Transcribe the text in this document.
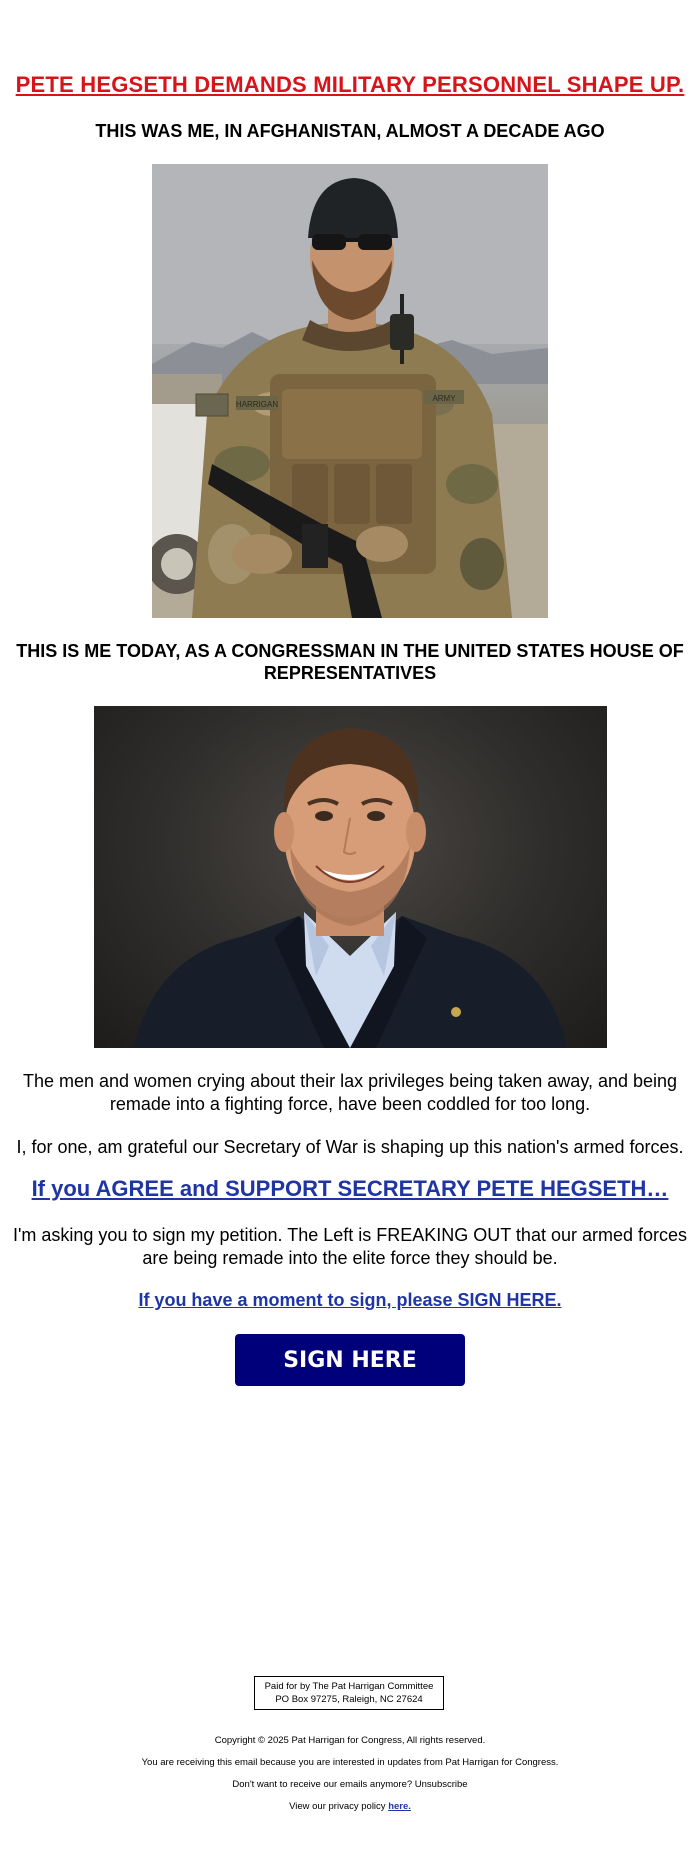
PETE HEGSETH DEMANDS MILITARY PERSONNEL SHAPE UP.
THIS WAS ME, IN AFGHANISTAN, ALMOST A DECADE AGO
HARRIGAN
ARMY
THIS IS ME TODAY, AS A CONGRESSMAN IN THE UNITED STATES HOUSE OF REPRESENTATIVES

The men and women crying about their lax privileges being taken away, and being remade into a fighting force, have been coddled for too long.

I, for one, am grateful our Secretary of War is shaping up this nation's armed forces.

If you AGREE and SUPPORT SECRETARY PETE HEGSETH…

I'm asking you to sign my petition. The Left is FREAKING OUT that our armed forces are being remade into the elite force they should be.

If you have a moment to sign, please SIGN HERE.
SIGN HERE
Paid for by The Pat Harrigan Committee
PO Box 97275, Raleigh, NC 27624

Copyright © 2025 Pat Harrigan for Congress, All rights reserved.

You are receiving this email because you are interested in updates from Pat Harrigan for Congress.

Don't want to receive our emails anymore? Unsubscribe

View our privacy policy here.
